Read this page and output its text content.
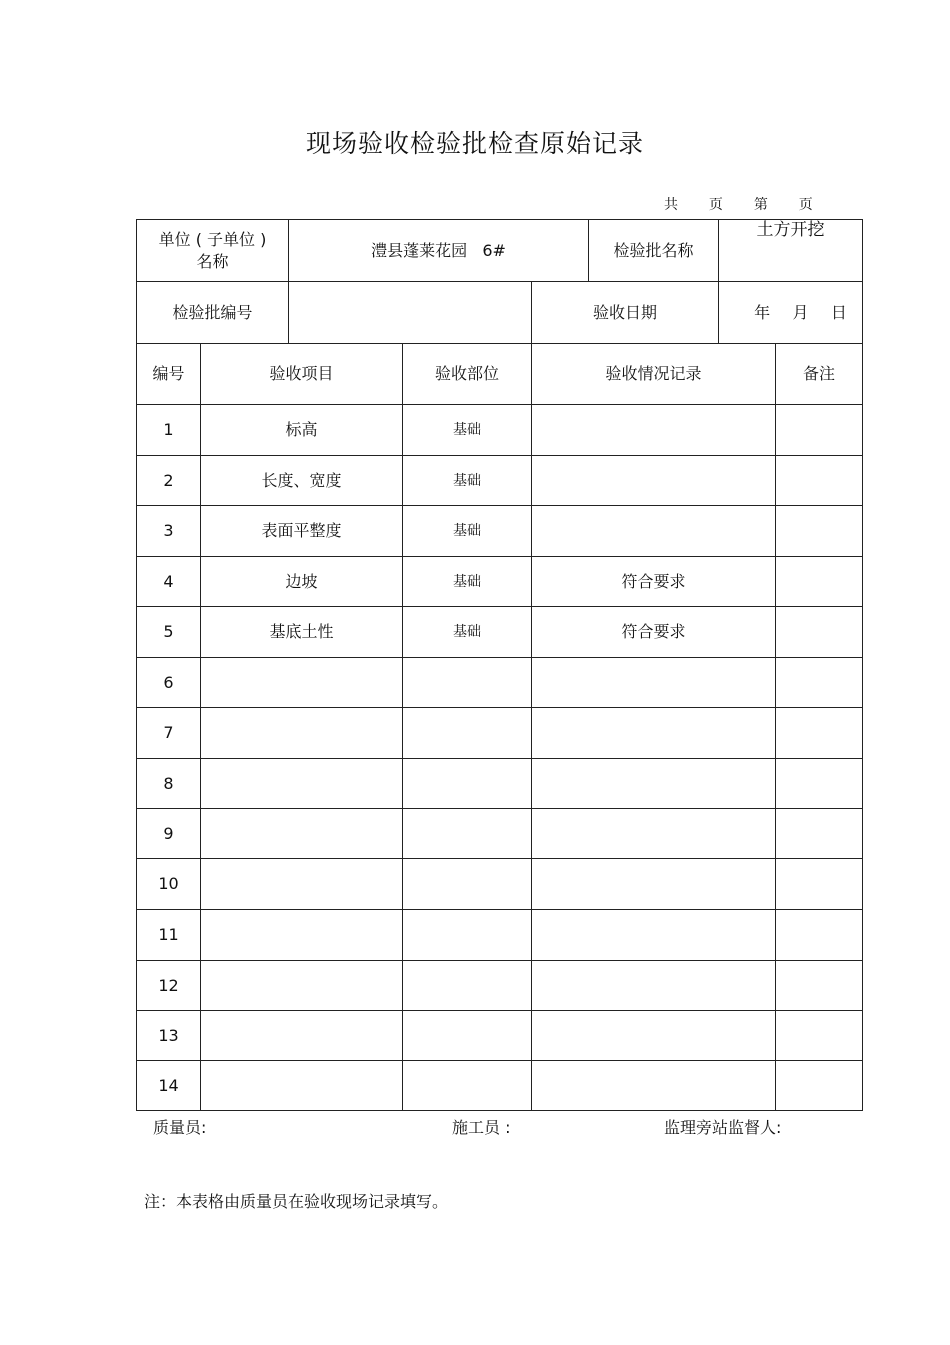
现场验收检验批检查原始记录
共 页 第 页
单位 ( 子单位 )
名称
澧县蓬莱花园   6#	检验批名称
土方开挖
检验批编号	验收日期	年 月 日
编号	验收项目	验收部位	验收情况记录	备注
1	标高	基础
2	长度、宽度	基础
3	表面平整度	基础
4	边坡	基础	符合要求
5	基底土性	基础	符合要求
6
7
8
9
10
11
12
13
14
质量员:	施工员 :	监理旁站监督人:
注：本表格由质量员在验收现场记录填写。
